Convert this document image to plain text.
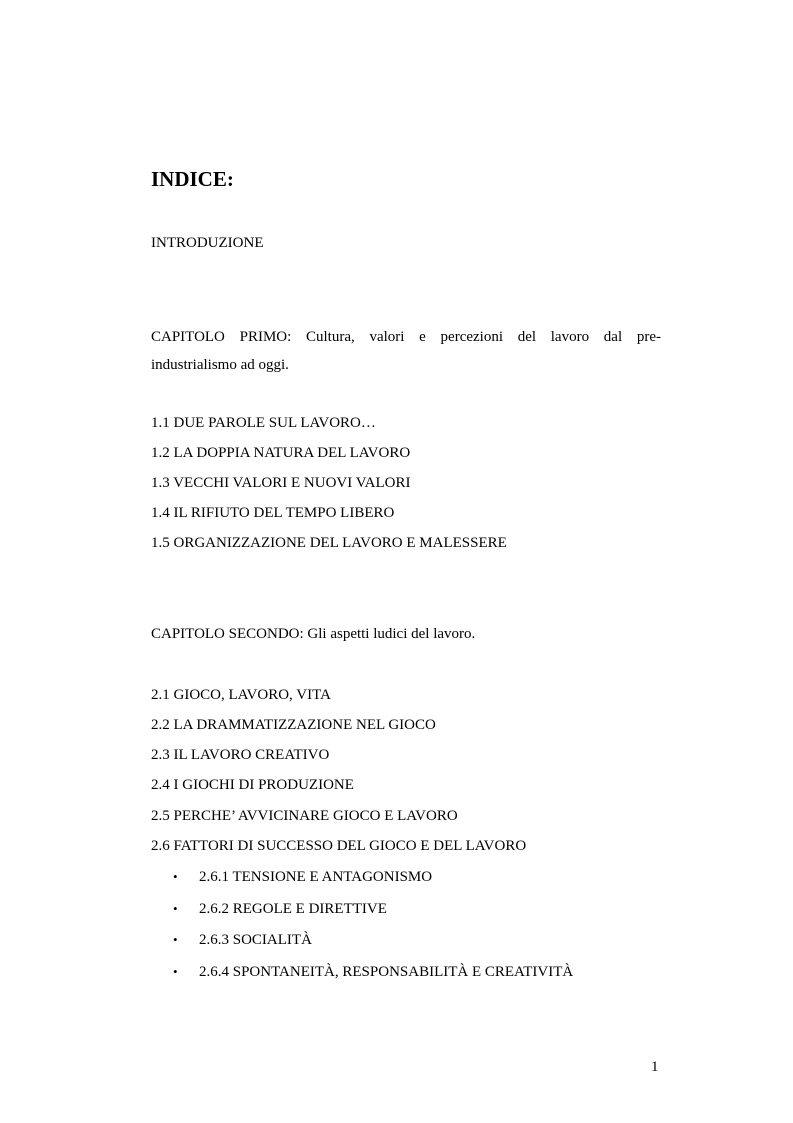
INDICE:
INTRODUZIONE
CAPITOLO PRIMO: Cultura, valori e percezioni del lavoro dal pre-
industrialismo ad oggi.
1.1 DUE PAROLE SUL LAVORO…
1.2 LA DOPPIA NATURA DEL LAVORO
1.3 VECCHI VALORI E NUOVI VALORI
1.4 IL RIFIUTO DEL TEMPO LIBERO
1.5 ORGANIZZAZIONE DEL LAVORO E MALESSERE
CAPITOLO SECONDO: Gli aspetti ludici del lavoro.
2.1 GIOCO, LAVORO, VITA
2.2 LA DRAMMATIZZAZIONE NEL GIOCO
2.3 IL LAVORO CREATIVO
2.4 I GIOCHI DI PRODUZIONE
2.5 PERCHE’ AVVICINARE GIOCO E LAVORO
2.6 FATTORI DI SUCCESSO DEL GIOCO E DEL LAVORO
• 2.6.1 TENSIONE E ANTAGONISMO
• 2.6.2 REGOLE E DIRETTIVE
• 2.6.3 SOCIALITÀ
• 2.6.4 SPONTANEITÀ, RESPONSABILITÀ E CREATIVITÀ
1
